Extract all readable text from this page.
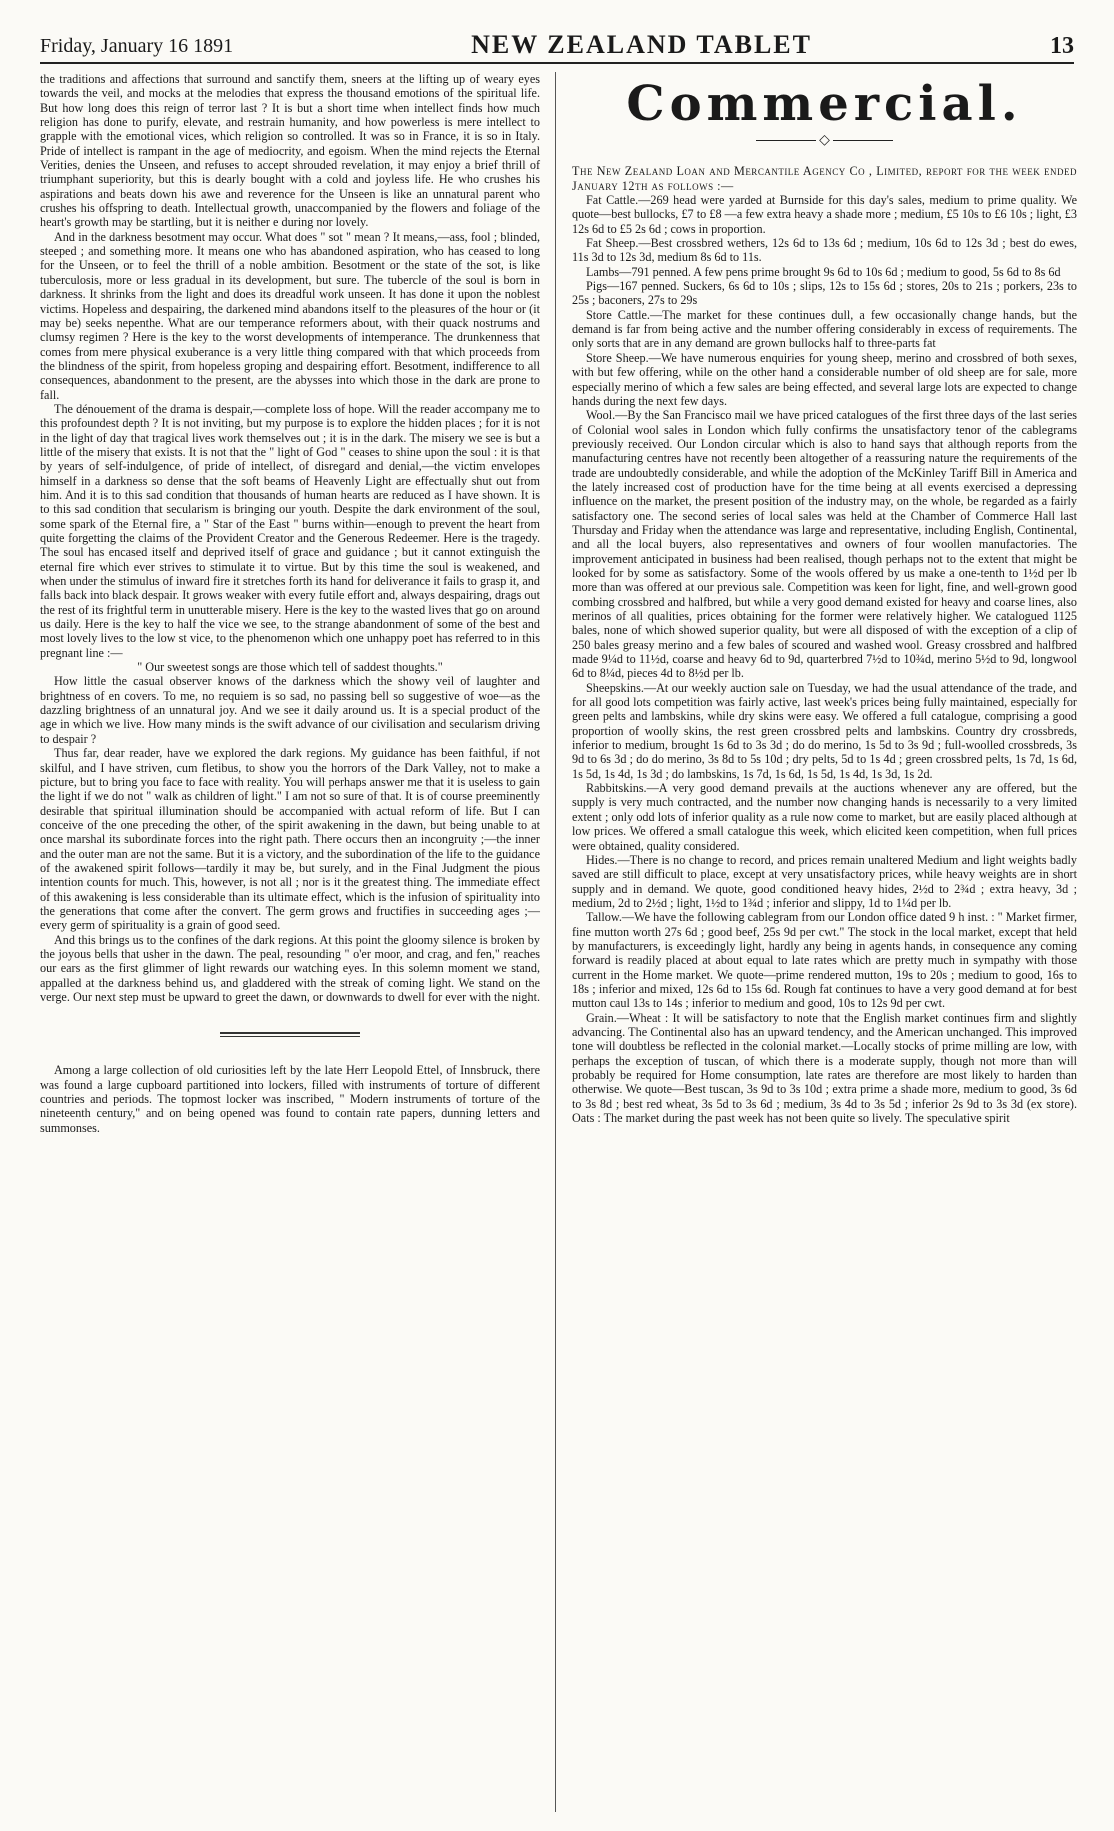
Friday, January 16 1891	NEW ZEALAND TABLET	13

the traditions and affections that surround and sanctify them, sneers at the lifting up of weary eyes towards the veil, and mocks at the melodies that express the thousand emotions of the spiritual life. But how long does this reign of terror last ? It is but a short time when intellect finds how much religion has done to purify, elevate, and restrain humanity, and how powerless is mere intellect to grapple with the emotional vices, which religion so controlled. It was so in France, it is so in Italy. Pride of intellect is rampant in the age of mediocrity, and egoism. When the mind rejects the Eternal Verities, denies the Unseen, and refuses to accept shrouded revelation, it may enjoy a brief thrill of triumphant superiority, but this is dearly bought with a cold and joyless life. He who crushes his aspirations and beats down his awe and reverence for the Unseen is like an unnatural parent who crushes his offspring to death. Intellectual growth, unaccompanied by the flowers and foliage of the heart's growth may be startling, but it is neither e during nor lovely.

And in the darkness besotment may occur. What does " sot " mean ? It means,—ass, fool ; blinded, steeped ; and something more. It means one who has abandoned aspiration, who has ceased to long for the Unseen, or to feel the thrill of a noble ambition. Besotment or the state of the sot, is like tuberculosis, more or less gradual in its development, but sure. The tubercle of the soul is born in darkness. It shrinks from the light and does its dreadful work unseen. It has done it upon the noblest victims. Hopeless and despairing, the darkened mind abandons itself to the pleasures of the hour or (it may be) seeks nepenthe. What are our temperance reformers about, with their quack nostrums and clumsy regimen ? Here is the key to the worst developments of intemperance. The drunkenness that comes from mere physical exuberance is a very little thing compared with that which proceeds from the blindness of the spirit, from hopeless groping and despairing effort. Besotment, indifference to all consequences, abandonment to the present, are the abysses into which those in the dark are prone to fall.

The dénouement of the drama is despair,—complete loss of hope. Will the reader accompany me to this profoundest depth ? It is not inviting, but my purpose is to explore the hidden places ; for it is not in the light of day that tragical lives work themselves out ; it is in the dark. The misery we see is but a little of the misery that exists. It is not that the " light of God " ceases to shine upon the soul : it is that by years of self-indulgence, of pride of intellect, of disregard and denial,—the victim envelopes himself in a darkness so dense that the soft beams of Heavenly Light are effectually shut out from him. And it is to this sad condition that thousands of human hearts are reduced as I have shown. It is to this sad condition that secularism is bringing our youth. Despite the dark environment of the soul, some spark of the Eternal fire, a " Star of the East " burns within—enough to prevent the heart from quite forgetting the claims of the Provident Creator and the Generous Redeemer. Here is the tragedy. The soul has encased itself and deprived itself of grace and guidance ; but it cannot extinguish the eternal fire which ever strives to stimulate it to virtue. But by this time the soul is weakened, and when under the stimulus of inward fire it stretches forth its hand for deliverance it fails to grasp it, and falls back into black despair. It grows weaker with every futile effort and, always despairing, drags out the rest of its frightful term in unutterable misery. Here is the key to the wasted lives that go on around us daily. Here is the key to half the vice we see, to the strange abandonment of some of the best and most lovely lives to the low st vice, to the phenomenon which one unhappy poet has referred to in this pregnant line :—

" Our sweetest songs are those which tell of saddest thoughts."

How little the casual observer knows of the darkness which the showy veil of laughter and brightness of en covers. To me, no requiem is so sad, no passing bell so suggestive of woe—as the dazzling brightness of an unnatural joy. And we see it daily around us. It is a special product of the age in which we live. How many minds is the swift advance of our civilisation and secularism driving to despair ?

Thus far, dear reader, have we explored the dark regions. My guidance has been faithful, if not skilful, and I have striven, cum fletibus, to show you the horrors of the Dark Valley, not to make a picture, but to bring you face to face with reality. You will perhaps answer me that it is useless to gain the light if we do not " walk as children of light." I am not so sure of that. It is of course preeminently desirable that spiritual illumination should be accompanied with actual reform of life. But I can conceive of the one preceding the other, of the spirit awakening in the dawn, but being unable to at once marshal its subordinate forces into the right path. There occurs then an incongruity ;—the inner and the outer man are not the same. But it is a victory, and the subordination of the life to the guidance of the awakened spirit follows—tardily it may be, but surely, and in the Final Judgment the pious intention counts for much. This, however, is not all ; nor is it the greatest thing. The immediate effect of this awakening is less considerable than its ultimate effect, which is the infusion of spirituality into the generations that come after the convert. The germ grows and fructifies in succeeding ages ;—every germ of spirituality is a grain of good seed.

And this brings us to the confines of the dark regions. At this point the gloomy silence is broken by the joyous bells that usher in the dawn. The peal, resounding " o'er moor, and crag, and fen," reaches our ears as the first glimmer of light rewards our watching eyes. In this solemn moment we stand, appalled at the darkness behind us, and gladdered with the streak of coming light. We stand on the verge. Our next step must be upward to greet the dawn, or downwards to dwell for ever with the night.

Among a large collection of old curiosities left by the late Herr Leopold Ettel, of Innsbruck, there was found a large cupboard partitioned into lockers, filled with instruments of torture of different countries and periods. The topmost locker was inscribed, " Modern instruments of torture of the nineteenth century," and on being opened was found to contain rate papers, dunning letters and summonses.

Commercial.
◇

The New Zealand Loan and Mercantile Agency Co , Limited, report for the week ended January 12th as follows :—

Fat Cattle.—269 head were yarded at Burnside for this day's sales, medium to prime quality. We quote—best bullocks, £7 to £8 —a few extra heavy a shade more ; medium, £5 10s to £6 10s ; light, £3 12s 6d to £5 2s 6d ; cows in proportion.

Fat Sheep.—Best crossbred wethers, 12s 6d to 13s 6d ; medium, 10s 6d to 12s 3d ; best do ewes, 11s 3d to 12s 3d, medium 8s 6d to 11s.

Lambs—791 penned. A few pens prime brought 9s 6d to 10s 6d ; medium to good, 5s 6d to 8s 6d

Pigs—167 penned. Suckers, 6s 6d to 10s ; slips, 12s to 15s 6d ; stores, 20s to 21s ; porkers, 23s to 25s ; baconers, 27s to 29s

Store Cattle.—The market for these continues dull, a few occasionally change hands, but the demand is far from being active and the number offering considerably in excess of requirements. The only sorts that are in any demand are grown bullocks half to three-parts fat

Store Sheep.—We have numerous enquiries for young sheep, merino and crossbred of both sexes, with but few offering, while on the other hand a considerable number of old sheep are for sale, more especially merino of which a few sales are being effected, and several large lots are expected to change hands during the next few days.

Wool.—By the San Francisco mail we have priced catalogues of the first three days of the last series of Colonial wool sales in London which fully confirms the unsatisfactory tenor of the cablegrams previously received. Our London circular which is also to hand says that although reports from the manufacturing centres have not recently been altogether of a reassuring nature the requirements of the trade are undoubtedly considerable, and while the adoption of the McKinley Tariff Bill in America and the lately increased cost of production have for the time being at all events exercised a depressing influence on the market, the present position of the industry may, on the whole, be regarded as a fairly satisfactory one. The second series of local sales was held at the Chamber of Commerce Hall last Thursday and Friday when the attendance was large and representative, including English, Continental, and all the local buyers, also representatives and owners of four woollen manufactories. The improvement anticipated in business had been realised, though perhaps not to the extent that might be looked for by some as satisfactory. Some of the wools offered by us make a one-tenth to 1½d per lb more than was offered at our previous sale. Competition was keen for light, fine, and well-grown good combing crossbred and halfbred, but while a very good demand existed for heavy and coarse lines, also merinos of all qualities, prices obtaining for the former were relatively higher. We catalogued 1125 bales, none of which showed superior quality, but were all disposed of with the exception of a clip of 250 bales greasy merino and a few bales of scoured and washed wool. Greasy crossbred and halfbred made 9¼d to 11½d, coarse and heavy 6d to 9d, quarterbred 7½d to 10¾d, merino 5½d to 9d, longwool 6d to 8¼d, pieces 4d to 8½d per lb.

Sheepskins.—At our weekly auction sale on Tuesday, we had the usual attendance of the trade, and for all good lots competition was fairly active, last week's prices being fully maintained, especially for green pelts and lambskins, while dry skins were easy. We offered a full catalogue, comprising a good proportion of woolly skins, the rest green crossbred pelts and lambskins. Country dry crossbreds, inferior to medium, brought 1s 6d to 3s 3d ; do do merino, 1s 5d to 3s 9d ; full-woolled crossbreds, 3s 9d to 6s 3d ; do do merino, 3s 8d to 5s 10d ; dry pelts, 5d to 1s 4d ; green crossbred pelts, 1s 7d, 1s 6d, 1s 5d, 1s 4d, 1s 3d ; do lambskins, 1s 7d, 1s 6d, 1s 5d, 1s 4d, 1s 3d, 1s 2d.

Rabbitskins.—A very good demand prevails at the auctions whenever any are offered, but the supply is very much contracted, and the number now changing hands is necessarily to a very limited extent ; only odd lots of inferior quality as a rule now come to market, but are easily placed although at low prices. We offered a small catalogue this week, which elicited keen competition, when full prices were obtained, quality considered.

Hides.—There is no change to record, and prices remain unaltered Medium and light weights badly saved are still difficult to place, except at very unsatisfactory prices, while heavy weights are in short supply and in demand. We quote, good conditioned heavy hides, 2½d to 2¾d ; extra heavy, 3d ; medium, 2d to 2½d ; light, 1½d to 1¾d ; inferior and slippy, 1d to 1¼d per lb.

Tallow.—We have the following cablegram from our London office dated 9 h inst. : " Market firmer, fine mutton worth 27s 6d ; good beef, 25s 9d per cwt." The stock in the local market, except that held by manufacturers, is exceedingly light, hardly any being in agents hands, in consequence any coming forward is readily placed at about equal to late rates which are pretty much in sympathy with those current in the Home market. We quote—prime rendered mutton, 19s to 20s ; medium to good, 16s to 18s ; inferior and mixed, 12s 6d to 15s 6d. Rough fat continues to have a very good demand at for best mutton caul 13s to 14s ; inferior to medium and good, 10s to 12s 9d per cwt.

Grain.—Wheat : It will be satisfactory to note that the English market continues firm and slightly advancing. The Continental also has an upward tendency, and the American unchanged. This improved tone will doubtless be reflected in the colonial market.—Locally stocks of prime milling are low, with perhaps the exception of tuscan, of which there is a moderate supply, though not more than will probably be required for Home consumption, late rates are therefore are most likely to harden than otherwise. We quote—Best tuscan, 3s 9d to 3s 10d ; extra prime a shade more, medium to good, 3s 6d to 3s 8d ; best red wheat, 3s 5d to 3s 6d ; medium, 3s 4d to 3s 5d ; inferior 2s 9d to 3s 3d (ex store). Oats : The market during the past week has not been quite so lively. The speculative spirit
